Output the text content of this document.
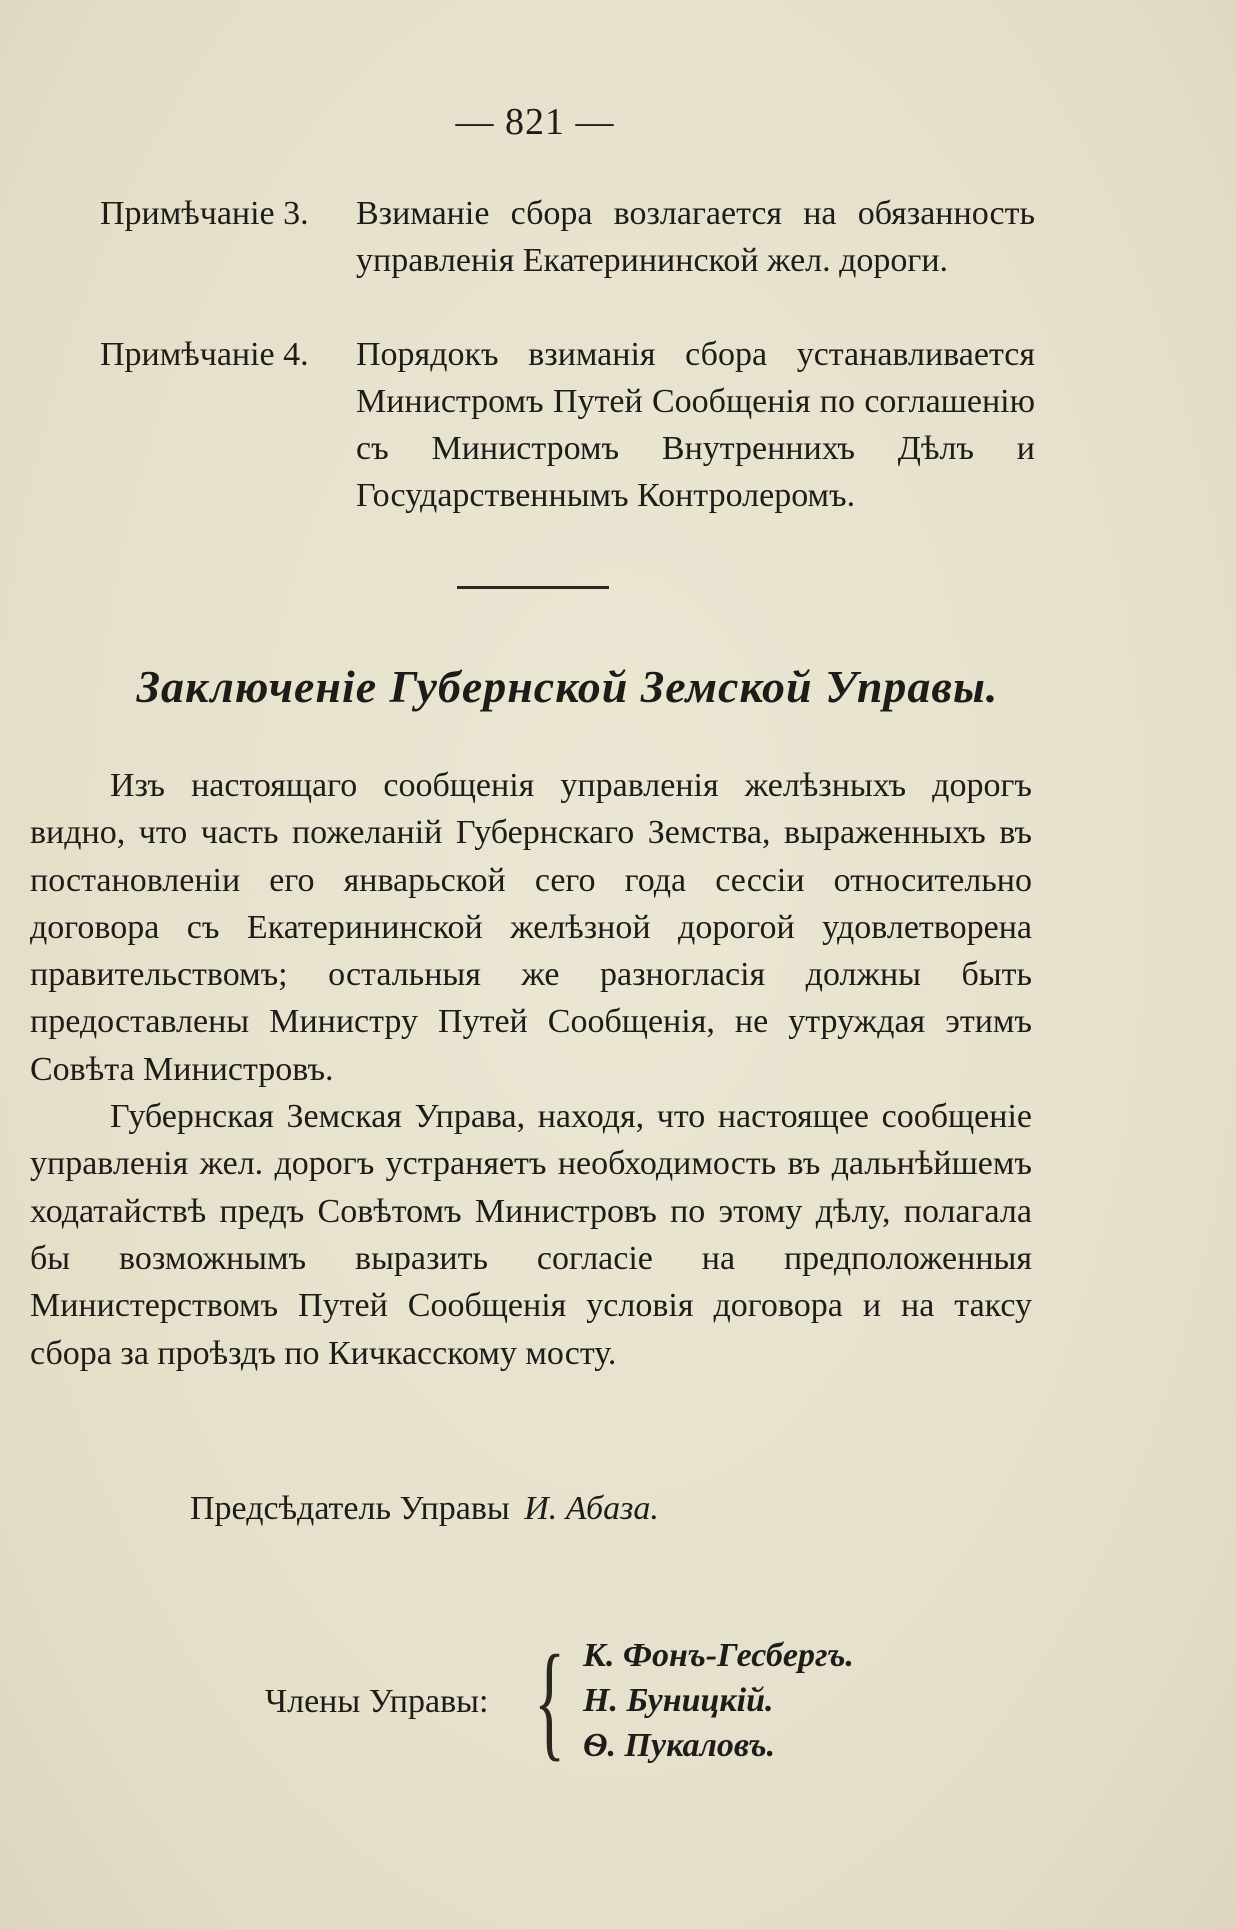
— 821 —
Примѣчаніе 3. Взиманіе сбора возлагается на обязанность управленія Екатерининской жел. дороги.
Примѣчаніе 4. Порядокъ взиманія сбора устанавливается Министромъ Путей Сообщенія по соглашенію съ Министромъ Внутреннихъ Дѣлъ и Государственнымъ Контролеромъ.
Заключеніе Губернской Земской Управы.

Изъ настоящаго сообщенія управленія желѣзныхъ дорогъ видно, что часть пожеланій Губернскаго Земства, выраженныхъ въ постановленіи его январьской сего года сессіи относительно договора съ Екатерининской желѣзной дорогой удовлетворена правительствомъ; остальныя же разногласія должны быть предоставлены Министру Путей Сообщенія, не утруждая этимъ Совѣта Министровъ.

Губернская Земская Управа, находя, что настоящее сообщеніе управленія жел. дорогъ устраняетъ необходимость въ дальнѣйшемъ ходатайствѣ предъ Совѣтомъ Министровъ по этому дѣлу, полагала бы возможнымъ выразить согласіе на предположенныя Министерствомъ Путей Сообщенія условія договора и на таксу сбора за проѣздъ по Кичкасскому мосту.

Предсѣдатель Управы И. Абаза.
Члены Управы: { К. Фонъ-Гесбергъ.
Н. Буницкій.
Ѳ. Пукаловъ.
